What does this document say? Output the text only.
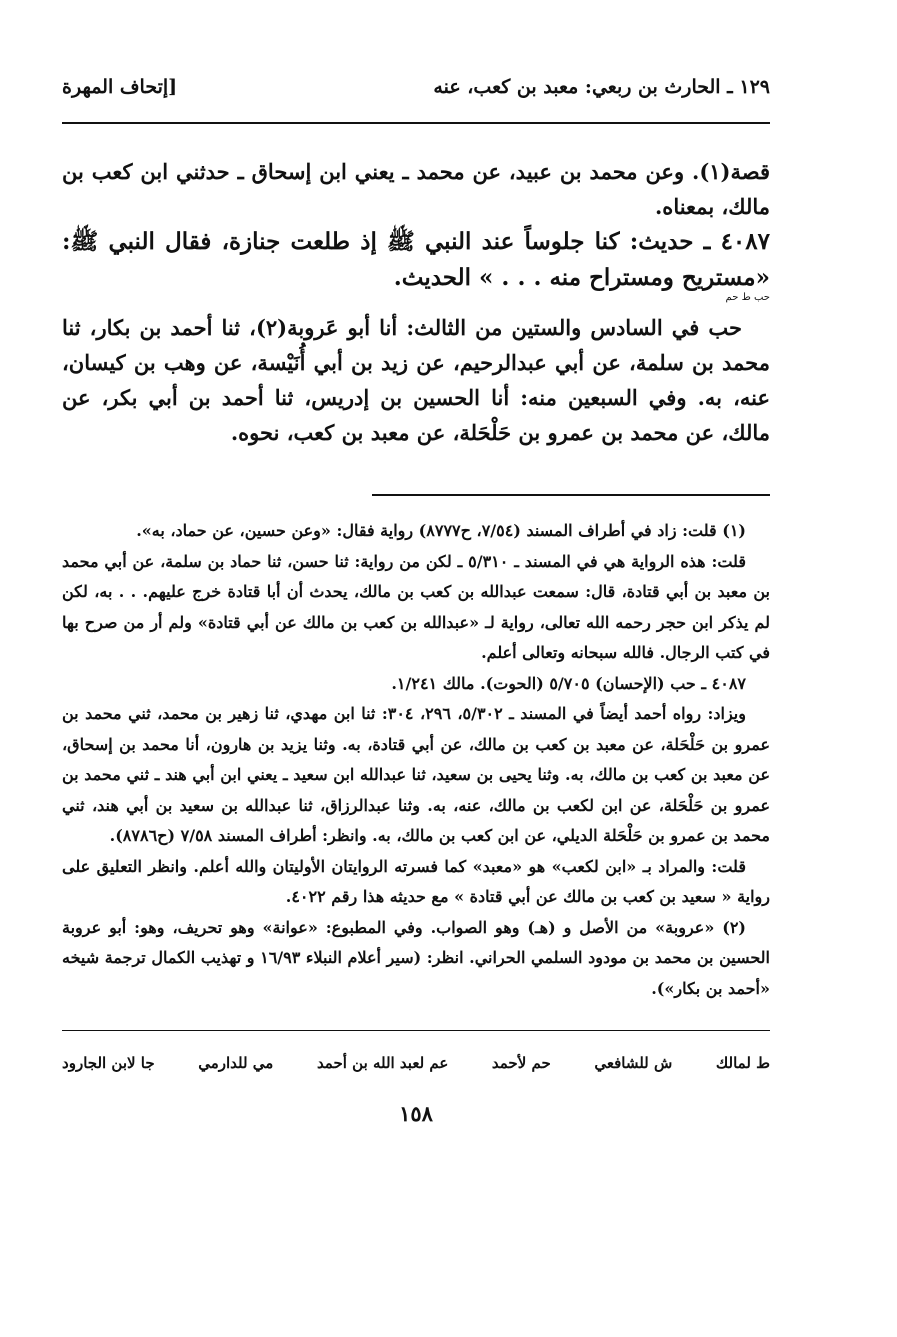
١٢٩ ـ الحارث بن ربعي: معبد بن كعب، عنه
[إتحاف المهرة

قصة(١). وعن محمد بن عبيد، عن محمد ـ يعني ابن إسحاق ـ حدثني ابن كعب بن مالك، بمعناه.

٤٠٨٧ ـ حديث: كنا جلوساً عند النبي ﷺ إذ طلعت جنازة، فقال النبي ﷺ: «مستريح ومستراح منه . . . » الحديث.

حب ط حم

حب في السادس والستين من الثالث: أنا أبو عَروبة(٢)، ثنا أحمد بن بكار، ثنا محمد بن سلمة، عن أبي عبدالرحيم، عن زيد بن أبي أُنَيْسة، عن وهب بن كيسان، عنه، به. وفي السبعين منه: أنا الحسين بن إدريس، ثنا أحمد بن أبي بكر، عن مالك، عن محمد بن عمرو بن حَلْحَلة، عن معبد بن كعب، نحوه.

(١) قلت: زاد في أطراف المسند (٧/٥٤، ح٨٧٧٧) رواية فقال: «وعن حسين، عن حماد، به».

قلت: هذه الرواية هي في المسند ـ ٥/٣١٠ ـ لكن من رواية: ثنا حسن، ثنا حماد بن سلمة، عن أبي محمد بن معبد بن أبي قتادة، قال: سمعت عبدالله بن كعب بن مالك، يحدث أن أبا قتادة خرج عليهم. . . به، لكن لم يذكر ابن حجر رحمه الله تعالى، رواية لـ «عبدالله بن كعب بن مالك عن أبي قتادة» ولم أر من صرح بها في كتب الرجال. فالله سبحانه وتعالى أعلم.

٤٠٨٧ ـ حب (الإحسان) ٥/٧٠٥ (الحوت). مالك ١/٢٤١.

ويزاد: رواه أحمد أيضاً في المسند ـ ٥/٣٠٢، ٢٩٦، ٣٠٤: ثنا ابن مهدي، ثنا زهير بن محمد، ثني محمد بن عمرو بن حَلْحَلة، عن معبد بن كعب بن مالك، عن أبي قتادة، به. وثنا يزيد بن هارون، أنا محمد بن إسحاق، عن معبد بن كعب بن مالك، به. وثنا يحيى بن سعيد، ثنا عبدالله ابن سعيد ـ يعني ابن أبي هند ـ ثني محمد بن عمرو بن حَلْحَلة، عن ابن لكعب بن مالك، عنه، به. وثنا عبدالرزاق، ثنا عبدالله بن سعيد بن أبي هند، ثني محمد بن عمرو بن حَلْحَلة الديلي، عن ابن كعب بن مالك، به. وانظر: أطراف المسند ٧/٥٨ (ح٨٧٨٦).

قلت: والمراد بـ «ابن لكعب» هو «معبد» كما فسرته الروايتان الأوليتان والله أعلم. وانظر التعليق على رواية « سعيد بن كعب بن مالك عن أبي قتادة » مع حديثه هذا رقم ٤٠٢٢.

(٢) «عروبة» من الأصل و (هـ) وهو الصواب. وفي المطبوع: «عوانة» وهو تحريف، وهو: أبو عروبة الحسين بن محمد بن مودود السلمي الحراني. انظر: (سير أعلام النبلاء ١٦/٩٣ و تهذيب الكمال ترجمة شيخه «أحمد بن بكار»).

ط لمالك
ش للشافعي
حم لأحمد
عم لعبد الله بن أحمد
مي للدارمي
جا لابن الجارود
١٥٨
